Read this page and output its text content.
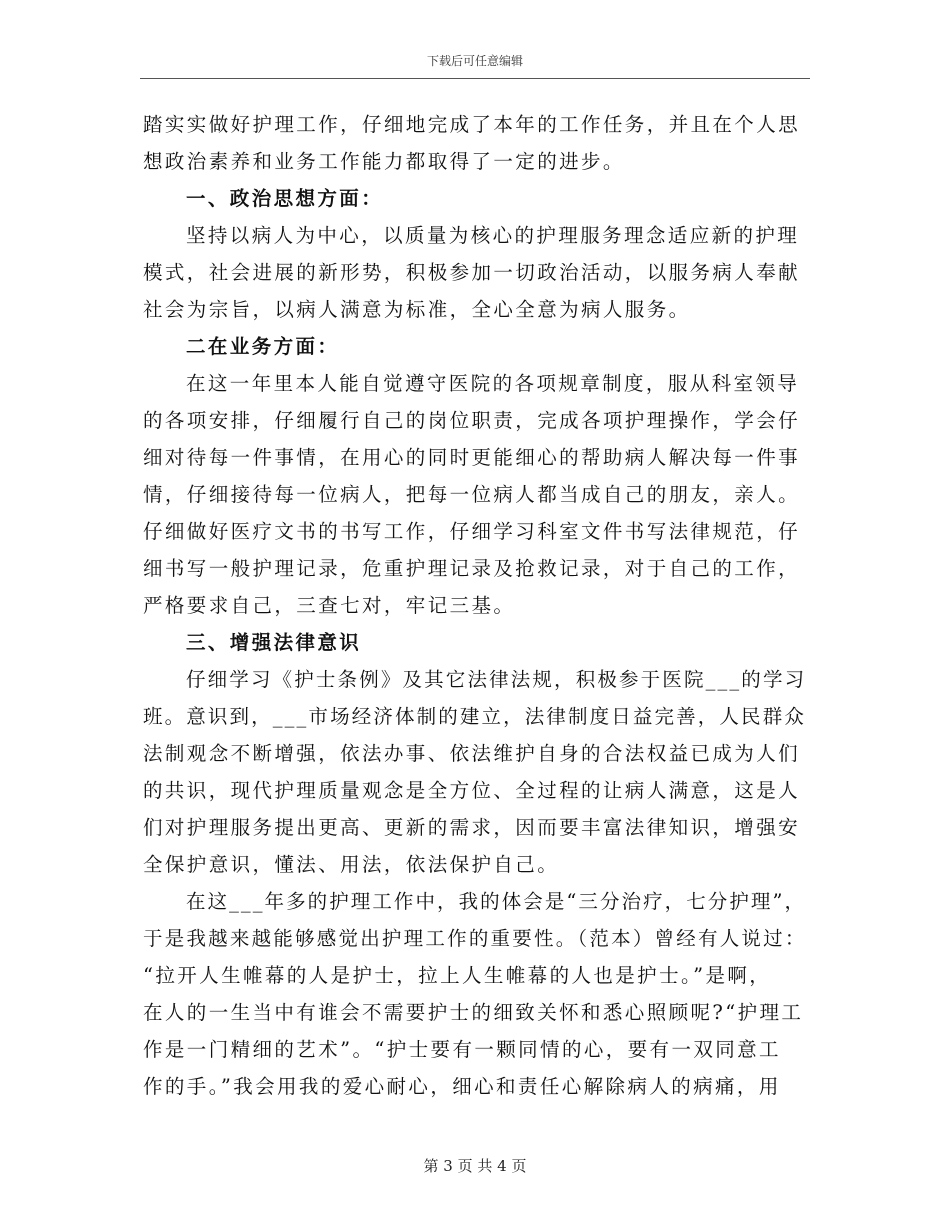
下载后可任意编辑
踏实实做好护理工作，仔细地完成了本年的工作任务，并且在个人思
想政治素养和业务工作能力都取得了一定的进步。
一、政治思想方面：
坚持以病人为中心，以质量为核心的护理服务理念适应新的护理
模式，社会进展的新形势，积极参加一切政治活动，以服务病人奉献
社会为宗旨，以病人满意为标准，全心全意为病人服务。
二在业务方面：
在这一年里本人能自觉遵守医院的各项规章制度，服从科室领导
的各项安排，仔细履行自己的岗位职责，完成各项护理操作，学会仔
细对待每一件事情，在用心的同时更能细心的帮助病人解决每一件事
情，仔细接待每一位病人，把每一位病人都当成自己的朋友，亲人。
仔细做好医疗文书的书写工作，仔细学习科室文件书写法律规范，仔
细书写一般护理记录，危重护理记录及抢救记录，对于自己的工作，
严格要求自己，三查七对，牢记三基。
三、增强法律意识
仔细学习《护士条例》及其它法律法规，积极参于医院___的学习
班。意识到，___市场经济体制的建立，法律制度日益完善，人民群众
法制观念不断增强，依法办事、依法维护自身的合法权益已成为人们
的共识，现代护理质量观念是全方位、全过程的让病人满意，这是人
们对护理服务提出更高、更新的需求，因而要丰富法律知识，增强安
全保护意识，懂法、用法，依法保护自己。
在这___年多的护理工作中，我的体会是“三分治疗，七分护理”，
于是我越来越能够感觉出护理工作的重要性。（范本）曾经有人说过：
“拉开人生帷幕的人是护士，拉上人生帷幕的人也是护士。”是啊，
在人的一生当中有谁会不需要护士的细致关怀和悉心照顾呢?“护理工
作是一门精细的艺术”。“护士要有一颗同情的心，要有一双同意工
作的手。”我会用我的爱心耐心，细心和责任心解除病人的病痛，用
第 3 页 共 4 页
